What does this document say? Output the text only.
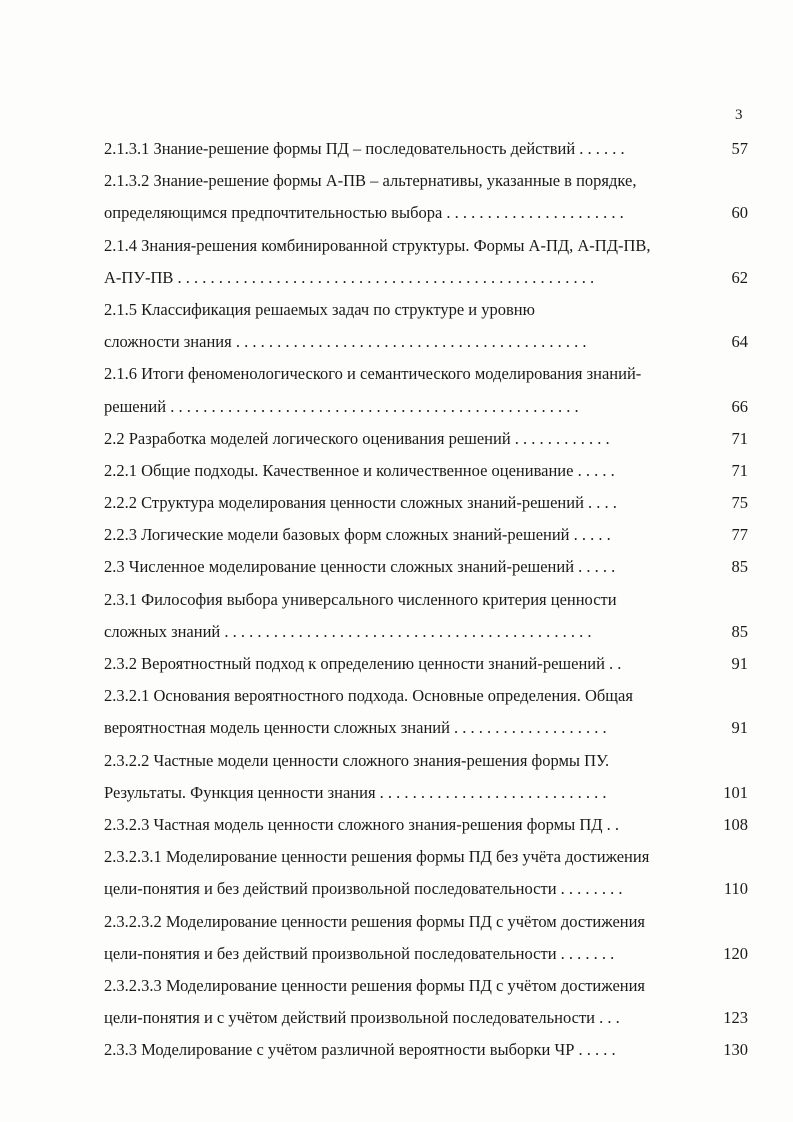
3
2.1.3.1 Знание-решение формы ПД – последовательность действий . . . . . .	57
2.1.3.2 Знание-решение формы А-ПВ – альтернативы, указанные в порядке,
определяющимся предпочтительностью выбора . . . . . . . . . . . . . . . . . . . . . .	60
2.1.4 Знания-решения комбинированной структуры. Формы А-ПД, А-ПД-ПВ,
А-ПУ-ПВ . . . . . . . . . . . . . . . . . . . . . . . . . . . . . . . . . . . . . . . . . . . . . . . . . . .	62
2.1.5 Классификация решаемых задач по структуре и уровню
сложности знания . . . . . . . . . . . . . . . . . . . . . . . . . . . . . . . . . . . . . . . . . . .	64
2.1.6 Итоги феноменологического и семантического моделирования знаний-
решений . . . . . . . . . . . . . . . . . . . . . . . . . . . . . . . . . . . . . . . . . . . . . . . . . .	66
2.2 Разработка моделей логического оценивания решений . . . . . . . . . . . .	71
2.2.1 Общие подходы. Качественное и количественное оценивание . . . . .	71
2.2.2 Структура моделирования ценности сложных знаний-решений . . . .	75
2.2.3 Логические модели базовых форм сложных знаний-решений . . . . .	77
2.3 Численное моделирование ценности сложных знаний-решений . . . . .	85
2.3.1 Философия выбора универсального численного критерия ценности
сложных знаний . . . . . . . . . . . . . . . . . . . . . . . . . . . . . . . . . . . . . . . . . . . . .	85
2.3.2 Вероятностный подход к определению ценности знаний-решений . .	91
2.3.2.1 Основания вероятностного подхода. Основные определения. Общая
вероятностная модель ценности сложных знаний . . . . . . . . . . . . . . . . . . .	91
2.3.2.2 Частные модели ценности сложного знания-решения формы ПУ.
Результаты. Функция ценности знания . . . . . . . . . . . . . . . . . . . . . . . . . . . .	101
2.3.2.3 Частная модель ценности сложного знания-решения формы ПД . .	108
2.3.2.3.1 Моделирование ценности решения формы ПД без учёта достижения
цели-понятия и без действий произвольной последовательности . . . . . . . .	110
2.3.2.3.2 Моделирование ценности решения формы ПД с учётом достижения
цели-понятия и без действий произвольной последовательности . . . . . . .	120
2.3.2.3.3 Моделирование ценности решения формы ПД с учётом достижения
цели-понятия и с учётом действий произвольной последовательности . . .	123
2.3.3 Моделирование с учётом различной вероятности выборки ЧР . . . . .	130
